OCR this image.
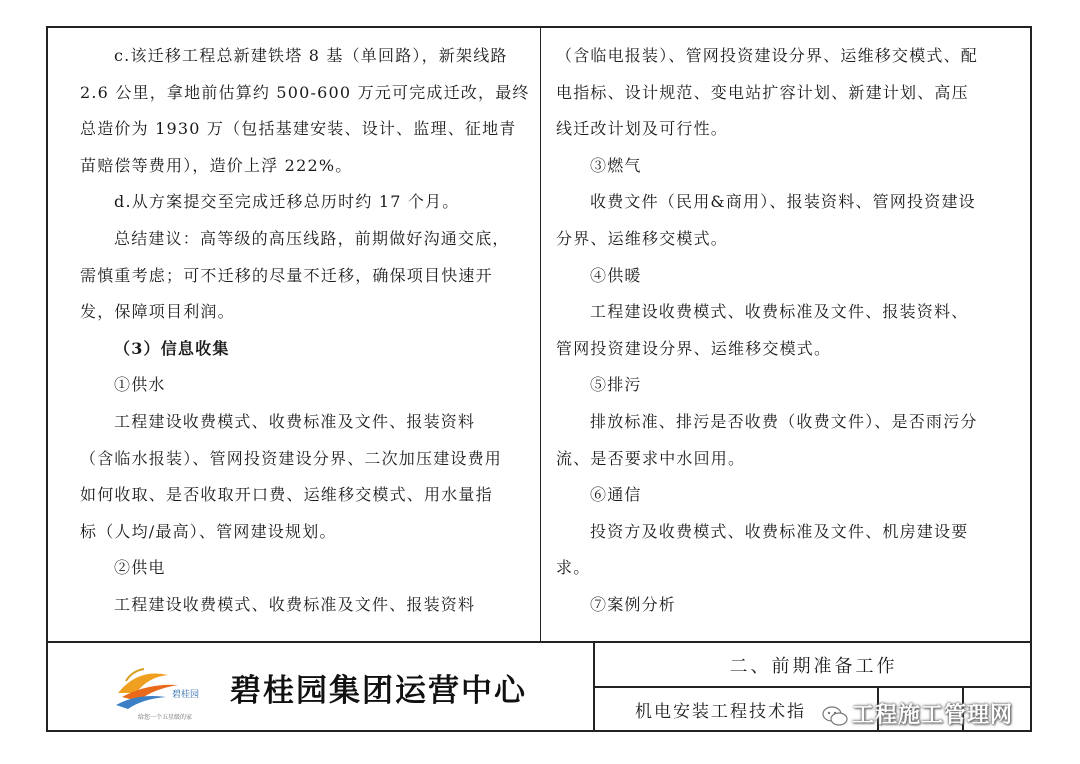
c.该迁移工程总新建铁塔 8 基（单回路），新架线路

2.6 公里，拿地前估算约 500-600 万元可完成迁改，最终

总造价为 1930 万（包括基建安装、设计、监理、征地青

苗赔偿等费用），造价上浮 222%。

d.从方案提交至完成迁移总历时约 17 个月。

总结建议：高等级的高压线路，前期做好沟通交底，

需慎重考虑；可不迁移的尽量不迁移，确保项目快速开

发，保障项目利润。

（3）信息收集

①供水

工程建设收费模式、收费标准及文件、报装资料

（含临水报装）、管网投资建设分界、二次加压建设费用

如何收取、是否收取开口费、运维移交模式、用水量指

标（人均/最高）、管网建设规划。

②供电

工程建设收费模式、收费标准及文件、报装资料

（含临电报装）、管网投资建设分界、运维移交模式、配

电指标、设计规范、变电站扩容计划、新建计划、高压

线迁改计划及可行性。

③燃气

收费文件（民用&商用）、报装资料、管网投资建设

分界、运维移交模式。

④供暖

工程建设收费模式、收费标准及文件、报装资料、

管网投资建设分界、运维移交模式。

⑤排污

排放标准、排污是否收费（收费文件）、是否雨污分

流、是否要求中水回用。

⑥通信

投资方及收费模式、收费标准及文件、机房建设要

求。

⑦案例分析

碧桂园
给您一个五星级的家
碧桂园集团运营中心
二、前期准备工作
机电安装工程技术指	工程施工管理网
